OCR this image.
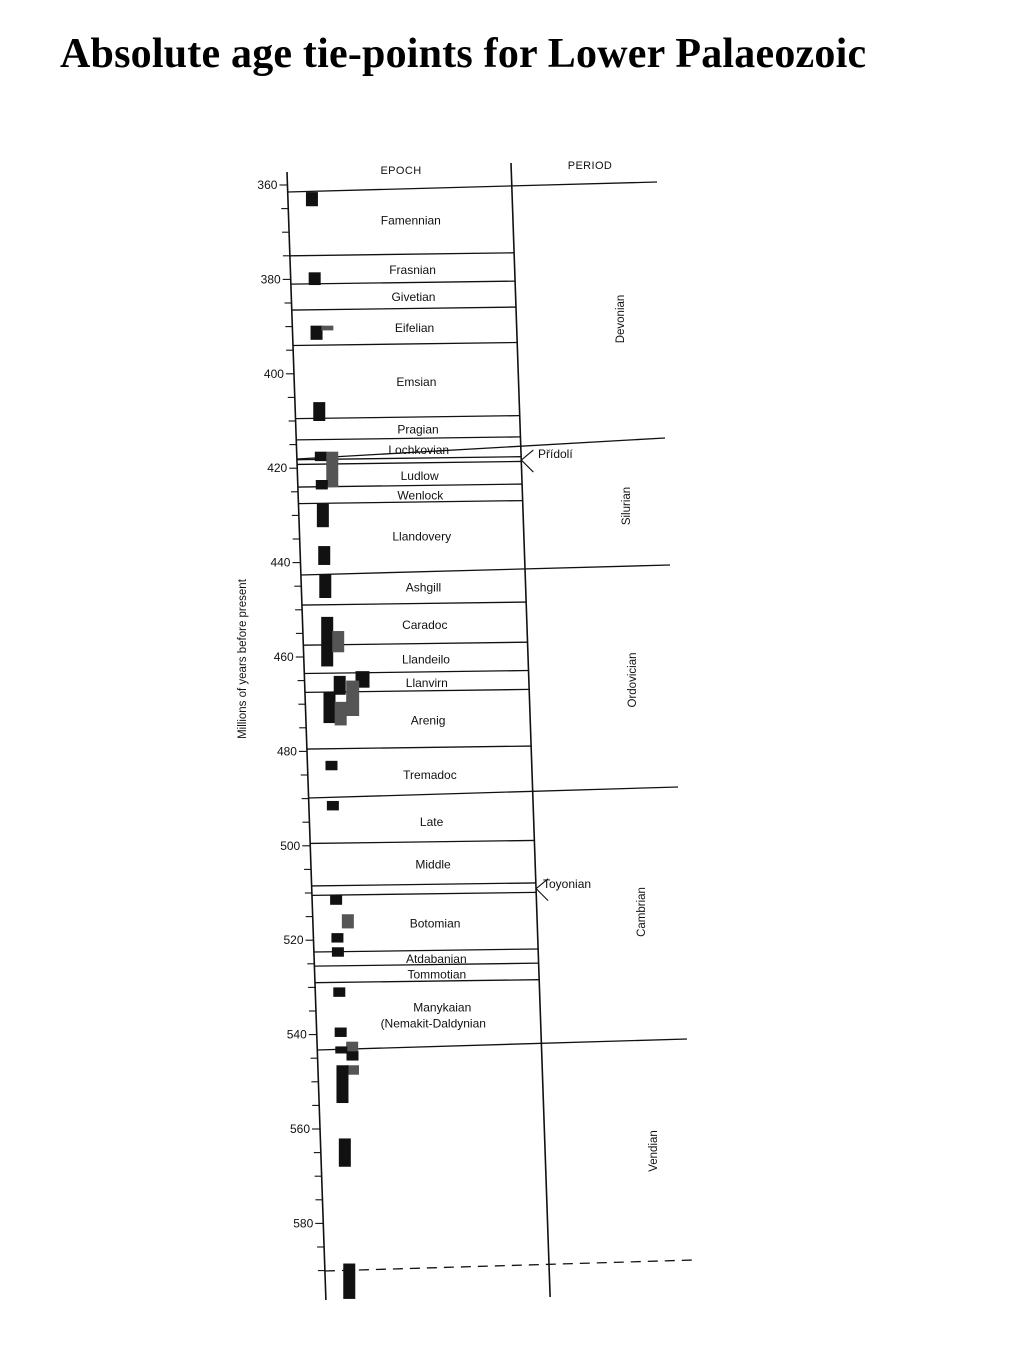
Absolute age tie-points for Lower Palaeozoic
360
380
400
420
440
460
480
500
520
540
560
580
Famennian
Frasnian
Givetian
Eifelian
Emsian
Pragian
Lochkovian	Přídolí
Ludlow
Wenlock
Llandovery
Ashgill
Caradoc
Llandeilo
Llanvirn
Arenig
Tremadoc
Late
Middle
Toyonian
Botomian
Atdabanian
Tommotian
Manykaian
(Nemakit-Daldynian
Devonian
Silurian
Ordovician
Cambrian
Vendian
EPOCH	PERIOD
Millions of years before present
